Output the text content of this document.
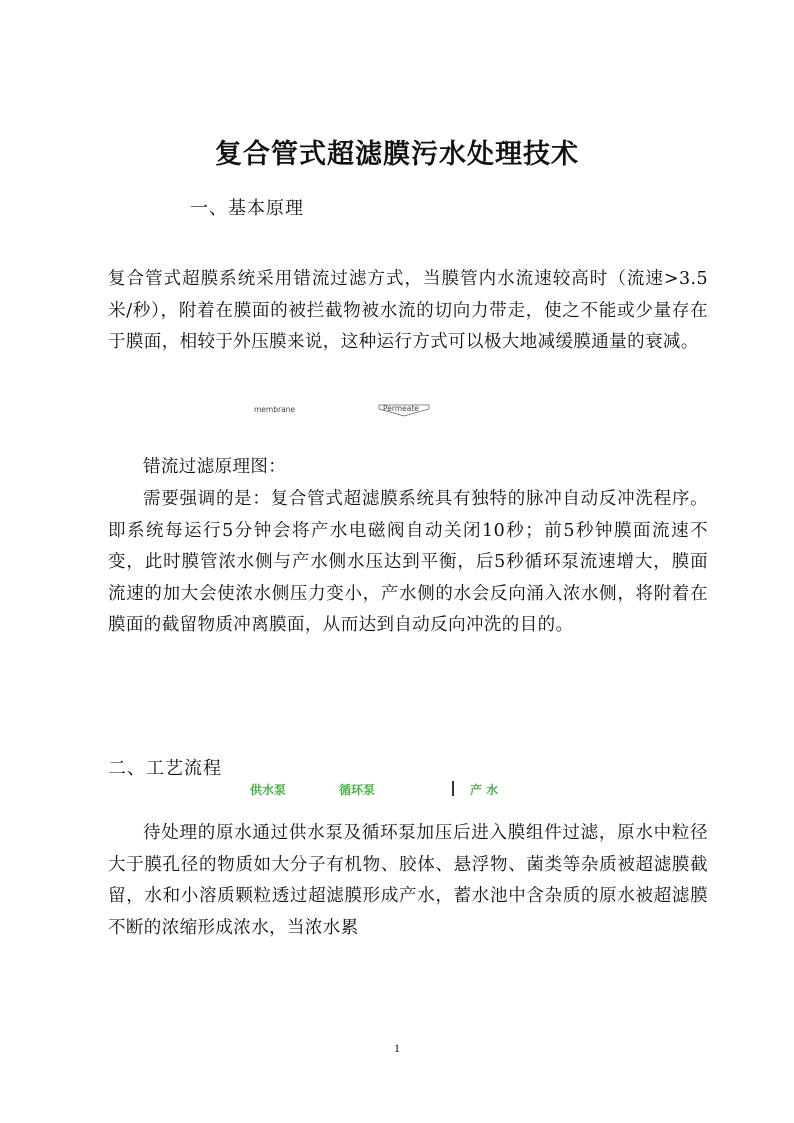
复合管式超滤膜污水处理技术
一、基本原理

复合管式超膜系统采用错流过滤方式，当膜管内水流速较高时（流速>3.5米/秒），附着在膜面的被拦截物被水流的切向力带走，使之不能或少量存在于膜面，相较于外压膜来说，这种运行方式可以极大地减缓膜通量的衰减。

membrane	Permeate

错流过滤原理图：

需要强调的是：复合管式超滤膜系统具有独特的脉冲自动反冲洗程序。即系统每运行5分钟会将产水电磁阀自动关闭10秒；前5秒钟膜面流速不变，此时膜管浓水侧与产水侧水压达到平衡，后5秒循环泵流速增大，膜面流速的加大会使浓水侧压力变小，产水侧的水会反向涌入浓水侧，将附着在膜面的截留物质冲离膜面，从而达到自动反向冲洗的目的。

二、工艺流程
供水泵	循环泵	产 水

待处理的原水通过供水泵及循环泵加压后进入膜组件过滤，原水中粒径大于膜孔径的物质如大分子有机物、胶体、悬浮物、菌类等杂质被超滤膜截留，水和小溶质颗粒透过超滤膜形成产水，蓄水池中含杂质的原水被超滤膜不断的浓缩形成浓水，当浓水累

1
